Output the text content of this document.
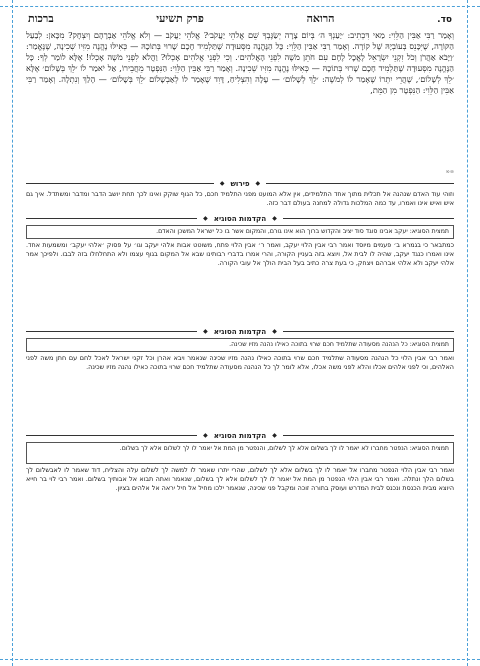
סד.
הרואה
פרק תשיעי
ברכות
וְאָמַר רַבִּי אַבִּין הַלֵּוִי: מַאי דִּכְתִיב: ׳יַעַנְךָ ה׳ בְּיוֹם צָרָה יְשַׂגֶּבְךָ שֵׁם אֱלֹהֵי יַעֲקֹב׳? אֱלֹהֵי יַעֲקֹב — וְלֹא אֱלֹהֵי אַבְרָהָם וְיִצְחָק? מִכָּאן: לְבַעַל הַקּוֹרָה, שֶׁיִּכָּנֵס בְּעוֹבְיָהּ שֶׁל קוֹרָה. וְאָמַר רַבִּי אַבִּין הַלֵּוִי: כָּל הַנֶּהֱנֶה מִסְּעוּדָה שֶׁתַּלְמִיד חָכָם שָׁרוּי בְּתוֹכָהּ — כְּאִילּוּ נֶהֱנֶה מִזִּיו שְׁכִינָה, שֶׁנֶּאֱמַר: ׳וַיָּבֹא אַהֲרֹן וְכֹל זִקְנֵי יִשְׂרָאֵל לֶאֱכׇל לֶחֶם עִם חֹתֵן מֹשֶׁה לִפְנֵי הָאֱלֹהִים׳. וְכִי לִפְנֵי אֱלֹהִים אָכְלוּ? וַהֲלֹא לִפְנֵי מֹשֶׁה אָכְלוּ! אֶלָּא לוֹמַר לְךָ: כָּל הַנֶּהֱנֶה מִסְּעוּדָה שֶׁתַּלְמִיד חָכָם שָׁרוּי בְּתוֹכָהּ — כְּאִילּוּ נֶהֱנֶה מִזִּיו שְׁכִינָה. וְאָמַר רַבִּי אַבִּין הַלֵּוִי: הַנִּפְטָר מֵחֲבֵירוֹ, אַל יֹאמַר לוֹ ׳לֵךְ בְּשָׁלוֹם׳ אֶלָּא ׳לֵךְ לְשָׁלוֹם׳, שֶׁהֲרֵי יִתְרוֹ שֶׁאָמַר לוֹ לְמֹשֶׁה: ׳לֵךְ לְשָׁלוֹם׳ — עָלָה וְהִצְלִיחַ, דָּוִד שֶׁאָמַר לוֹ לְאַבְשָׁלוֹם ׳לֵךְ בְּשָׁלוֹם׳ — הָלַךְ וְנִתְלָה. וְאָמַר רַבִּי אַבִּין הַלֵּוִי: הַנִּפְטָר מִן הַמֵּת,
∞∞
◆
פירוש
◆
וזוהי עוד האדם שנהנה אל תכלית מתוך אחד התלמידים, אין אלא המועט מפני התלמיד חכם, כל הגוף שוקק ואינו לכך תחת יושב הדבר ומדבר ומשתדל. איך גם איש ואיש אינו ואמרו, עד כמה המלכות גדולה למחנה בעולם דבר כזה.
◆
הקדמות הסוגיא
◆
תמצית הסוגיא: יעקב אבינו סוגד סוד יציב והקדוש ברוך הוא אינו גורם, והמקום אשר בו כל ישראל המשכן והאדם.
כמתבאר כי בגמרא ב׳ פעמים מיוסד ואמר רבי אבין הלוי יעקב, ואמר ר׳ אבין הלוי פתח, משוטט אבות אלהי יעקב וגו׳ על פסוק ׳אלהי יעקב׳ ומשמעות אחד. אינו ואמרו כנגד יעקב, שהיה לו לבית אל, ויוצא בזה בעניין הקורה, והרי אמרו בדברי רבותינו שבא אל המקום בגוף עצמו ולא התחלחלו בזה לבבו. ולפיכך אמר אלהי יעקב ולא אלהי אברהם ויצחק, כי בעת צרה כתיב בעל הבית הולך אל עובי הקורה.
◆
הקדמות הסוגיא
◆
תמצית הסוגיא: כל הנהנה מסעודה שתלמיד חכם שרוי בתוכה כאילו נהנה מזיו שכינה.
ואמר רבי אבין הלוי כל הנהנה מסעודה שתלמיד חכם שרוי בתוכה כאילו נהנה מזיו שכינה שנאמר ויבא אהרן וכל זקני ישראל לאכל לחם עם חתן משה לפני האלהים, וכי לפני אלהים אכלו והלא לפני משה אכלו, אלא לומר לך כל הנהנה מסעודה שתלמיד חכם שרוי בתוכה כאילו נהנה מזיו שכינה.
◆
הקדמות הסוגיא
◆
תמצית הסוגיא: הנפטר מחברו לא יאמר לו לך בשלום אלא לך לשלום, והנפטר מן המת אל יאמר לו לך לשלום אלא לך בשלום.
ואמר רבי אבין הלוי הנפטר מחברו אל יאמר לו לך בשלום אלא לך לשלום, שהרי יתרו שאמר לו למשה לך לשלום עלה והצליח, דוד שאמר לו לאבשלום לך בשלום הלך ונתלה. ואמר רבי אבין הלוי הנפטר מן המת אל יאמר לו לך לשלום אלא לך בשלום, שנאמר ואתה תבוא אל אבותיך בשלום. ואמר רבי לוי בר חייא היוצא מבית הכנסת ונכנס לבית המדרש ועוסק בתורה זוכה ומקבל פני שכינה, שנאמר ילכו מחיל אל חיל יראה אל אלהים בציון.
